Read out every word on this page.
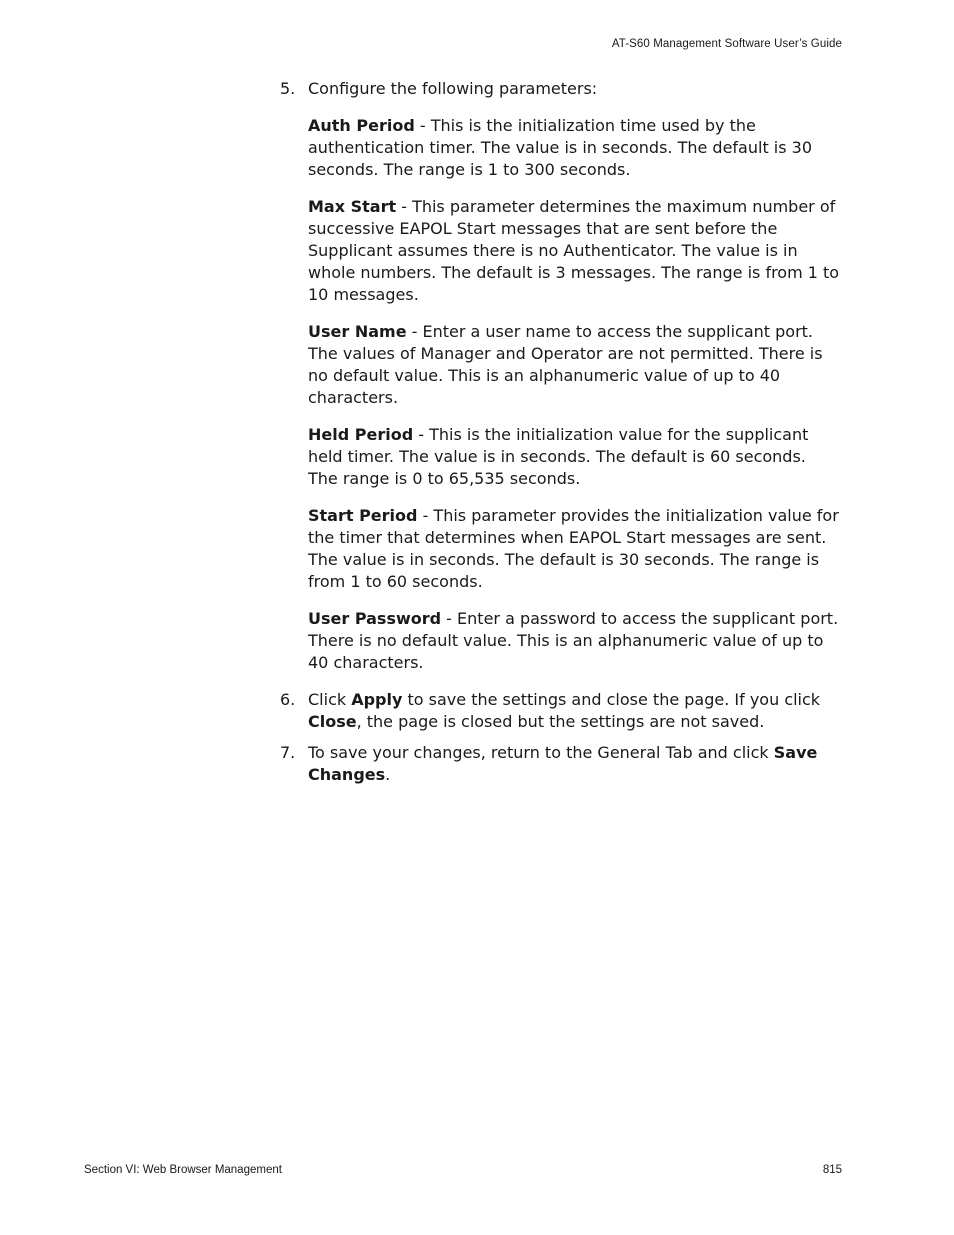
AT-S60 Management Software User’s Guide
5. Configure the following parameters:

Auth Period - This is the initialization time used by the authentication timer. The value is in seconds. The default is 30 seconds. The range is 1 to 300 seconds.

Max Start - This parameter determines the maximum number of successive EAPOL Start messages that are sent before the Supplicant assumes there is no Authenticator. The value is in whole numbers. The default is 3 messages. The range is from 1 to 10 messages.

User Name - Enter a user name to access the supplicant port. The values of Manager and Operator are not permitted. There is no default value. This is an alphanumeric value of up to 40 characters.

Held Period - This is the initialization value for the supplicant held timer. The value is in seconds. The default is 60 seconds. The range is 0 to 65,535 seconds.

Start Period - This parameter provides the initialization value for the timer that determines when EAPOL Start messages are sent. The value is in seconds. The default is 30 seconds. The range is from 1 to 60 seconds.

User Password - Enter a password to access the supplicant port. There is no default value. This is an alphanumeric value of up to 40 characters.

6. Click Apply to save the settings and close the page. If you click Close, the page is closed but the settings are not saved.

7. To save your changes, return to the General Tab and click Save Changes.

Section VI: Web Browser Management	815
